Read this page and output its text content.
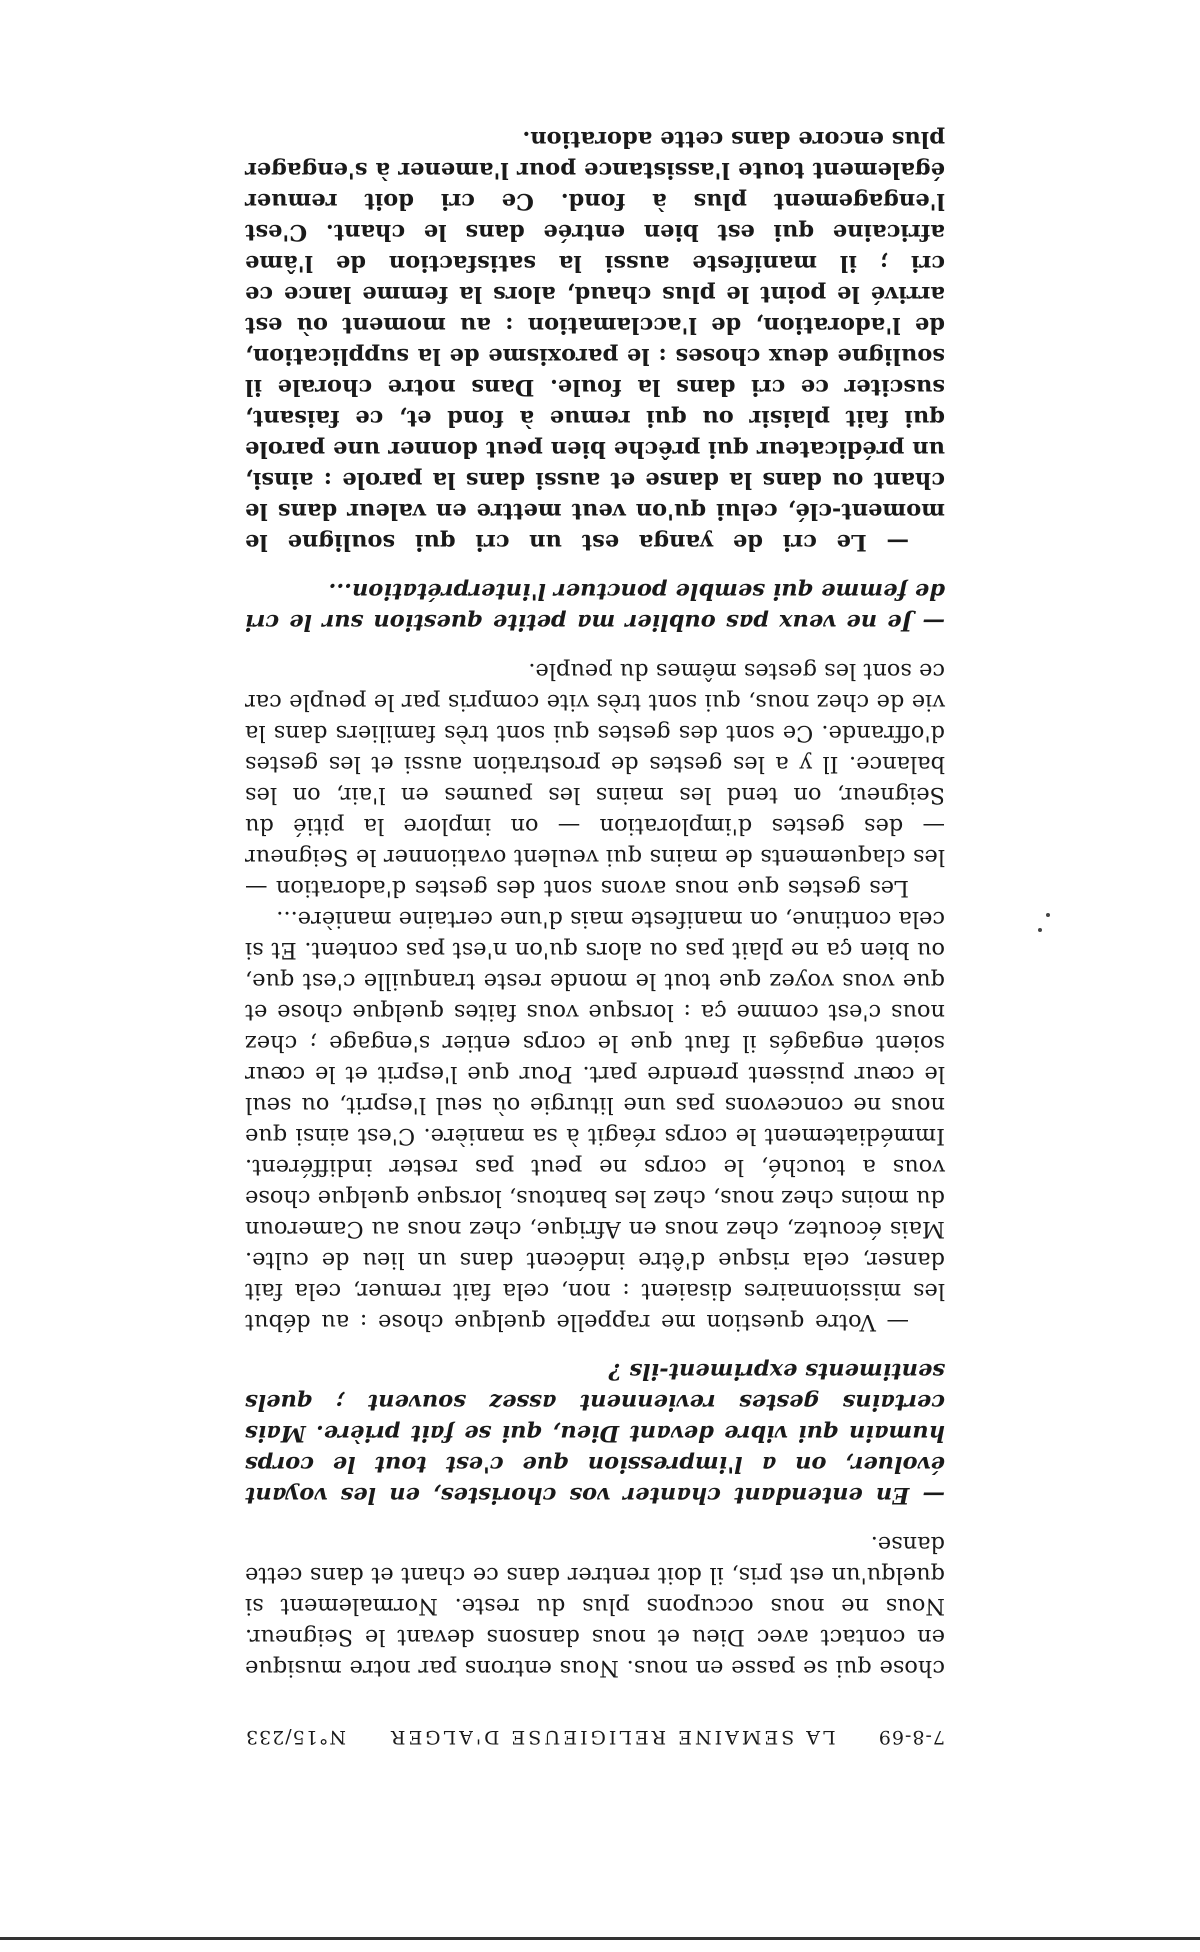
7-8-69
LA SEMAINE RELIGIEUSE D'ALGER
N°15/233

chose qui se passe en nous. Nous entrons par notre musique en contact avec Dieu et nous dansons devant le Seigneur. Nous ne nous occupons plus du reste. Normalement si quelqu'un est pris, il doit rentrer dans ce chant et dans cette danse.

— En entendant chanter vos choristes, en les voyant évoluer, on a l'impression que c'est tout le corps humain qui vibre devant Dieu, qui se fait prière. Mais certains gestes reviennent assez souvent ; quels sentiments expriment-ils ?

— Votre question me rappelle quelque chose : au début les missionnaires disaient : non, cela fait remuer, cela fait danser, cela risque d'être indécent dans un lieu de culte. Mais écoutez, chez nous en Afrique, chez nous au Cameroun du moins chez nous, chez les bantous, lorsque quelque chose vous a touché, le corps ne peut pas rester indifférent. Immédiatement le corps réagit à sa manière. C'est ainsi que nous ne concevons pas une liturgie où seul l'esprit, ou seul le cœur puissent prendre part. Pour que l'esprit et le cœur soient engagés il faut que le corps entier s'engage ; chez nous c'est comme ça : lorsque vous faites quelque chose et que vous voyez que tout le monde reste tranquille c'est que, ou bien ça ne plait pas ou alors qu'on n'est pas content. Et si cela continue, on manifeste mais d'une certaine manière...

Les gestes que nous avons sont des gestes d'adoration — les claquements de mains qui veulent ovationner le Seigneur — des gestes d'imploration — on implore la pitié du Seigneur, on tend les mains les paumes en l'air, on les balance. Il y a les gestes de prostration aussi et les gestes d'offrande. Ce sont des gestes qui sont très familiers dans la vie de chez nous, qui sont très vite compris par le peuple car ce sont les gestes mêmes du peuple.

— Je ne veux pas oublier ma petite question sur le cri de femme qui semble ponctuer l'interprétation...

— Le cri de yanga est un cri qui souligne le moment-clé, celui qu'on veut mettre en valeur dans le chant ou dans la danse et aussi dans la parole : ainsi, un prédicateur qui prêche bien peut donner une parole qui fait plaisir ou qui remue à fond et, ce faisant, susciter ce cri dans la foule. Dans notre chorale il souligne deux choses : le paroxisme de la supplication, de l'adoration, de l'acclamation : au moment où est arrivé le point le plus chaud, alors la femme lance ce cri ; il manifeste aussi la satisfaction de l'âme africaine qui est bien entrée dans le chant. C'est l'engagement plus à fond. Ce cri doit remuer également toute l'assistance pour l'amener à s'engager plus encore dans cette adoration.
